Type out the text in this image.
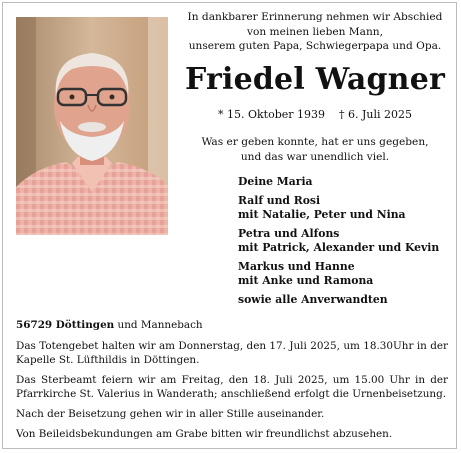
In dankbarer Erinnerung nehmen wir Abschied
von meinen lieben Mann,
unserem guten Papa, Schwiegerpapa und Opa.
Friedel Wagner
* 15. Oktober 1939 † 6. Juli 2025
Was er geben konnte, hat er uns gegeben,
und das war unendlich viel.
Deine Maria
Ralf und Rosi
mit Natalie, Peter und Nina
Petra und Alfons
mit Patrick, Alexander und Kevin
Markus und Hanne
mit Anke und Ramona
sowie alle Anverwandten

56729 Döttingen und Mannebach

Das Totengebet halten wir am Donnerstag, den 17. Juli 2025, um 18.30Uhr in der Kapelle St. Lüfthildis in Döttingen.

Das Sterbeamt feiern wir am Freitag, den 18. Juli 2025, um 15.00 Uhr in der Pfarrkirche St. Valerius in Wanderath; anschließend erfolgt die Urnenbeisetzung.

Nach der Beisetzung gehen wir in aller Stille auseinander.

Von Beileidsbekundungen am Grabe bitten wir freundlichst abzusehen.
